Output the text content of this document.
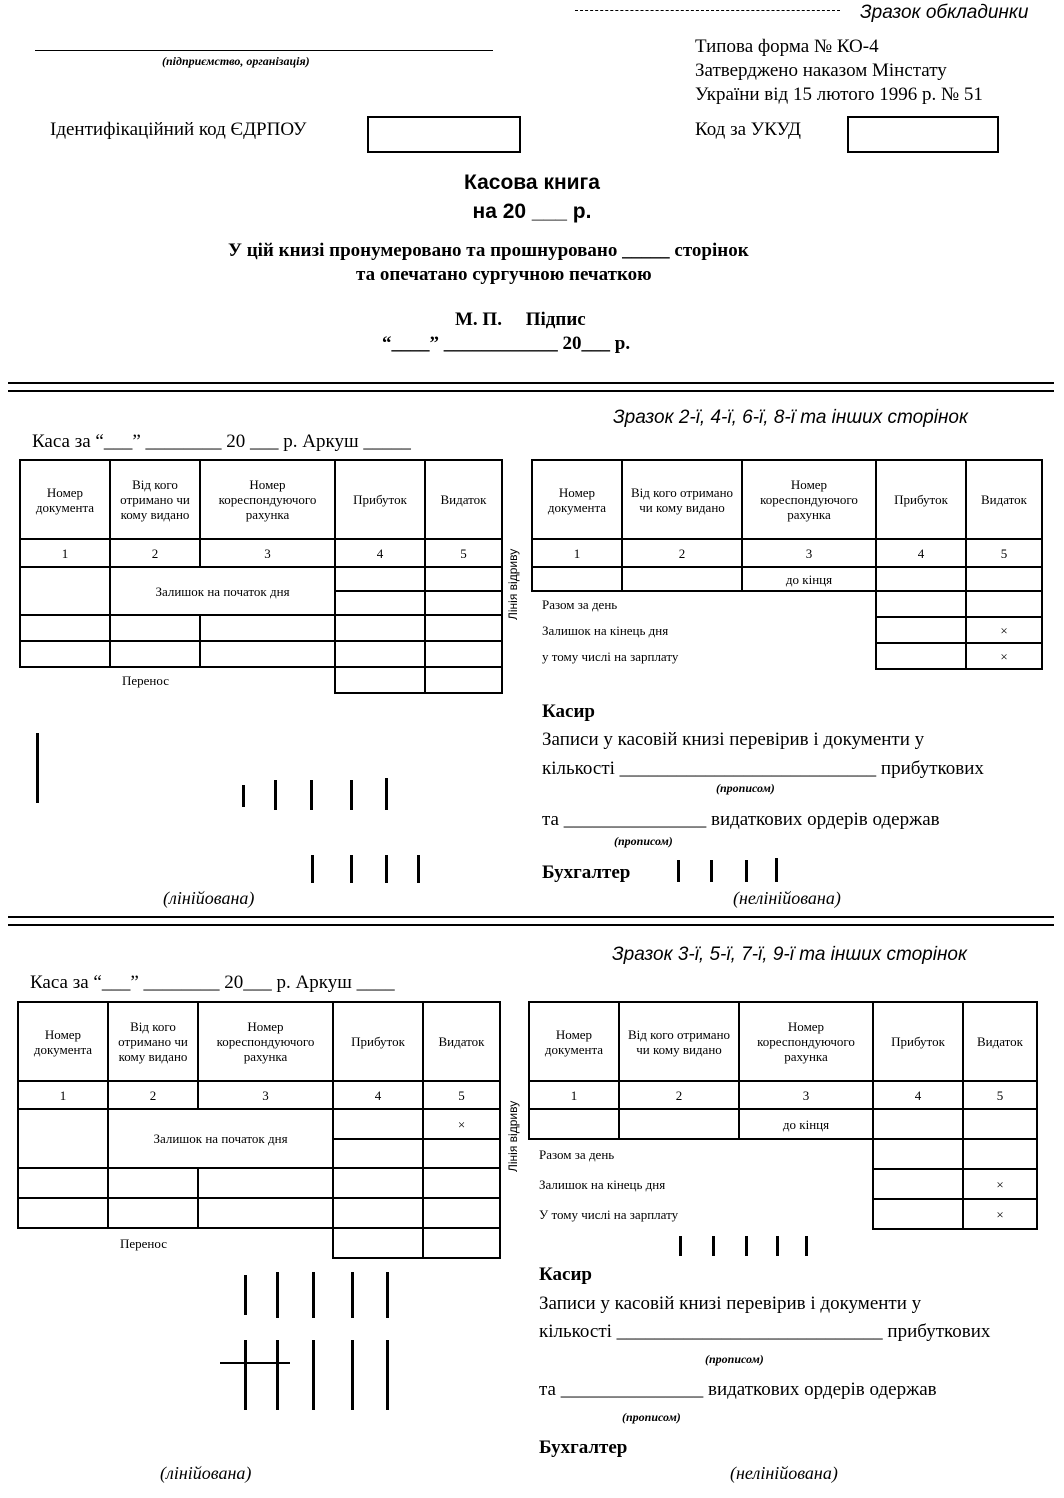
Зразок обкладинки
(підприємство, організація)
Типова форма № КО-4
Затверджено наказом Мінстату
України від 15 лютого 1996 р. № 51
Ідентифікаційний код ЄДРПОУ	Код за УКУД
Касова книга
на 20 ___ р.
У цій книзі пронумеровано та прошнуровано _____ сторінок
та опечатано сургучною печаткою
М. П.     Підпис
“____” ____________ 20___ р.
Зразок 2-ї, 4-ї, 6-ї, 8-ї та інших сторінок
Каса за “___” ________ 20 ___ р. Аркуш _____
Номер документа	Від кого отримано чи кому видано	Номер кореспондуючого рахунка	Прибуток	Видаток
1	2	3	4	5
	Залишок на початок дня			

Перенос				
Лінія відриву
Номер документа	Від кого отримано чи кому видано	Номер кореспондуючого рахунка	Прибуток	Видаток
1	2	3	4	5
		до кінця		
Разом за день				
Залишок на кінець дня				×
у тому числі на зарплату				×
Касир
Записи у касовій книзі перевірив і документи у
кількості ___________________________ прибуткових
(прописом)
та _______________ видаткових ордерів одержав
(прописом)
Бухгалтер
(лінійована)	(нелінійована)
Зразок 3-ї, 5-ї, 7-ї, 9-ї та інших сторінок
Каса за “___” ________ 20___ р. Аркуш ____
Номер документа	Від кого отримано чи кому видано	Номер кореспондуючого рахунка	Прибуток	Видаток
1	2	3	4	5
	Залишок на початок дня			×

Перенос				
Лінія відриву
Номер документа	Від кого отримано чи кому видано	Номер кореспондуючого рахунка	Прибуток	Видаток
1	2	3	4	5
		до кінця		
Разом за день				
Залишок на кінець дня				×
У тому числі на зарплату				×
Касир
Записи у касовій книзі перевірив і документи у
кількості ____________________________ прибуткових
(прописом)
та _______________ видаткових ордерів одержав
(прописом)
Бухгалтер
(лінійована)	(нелінійована)
